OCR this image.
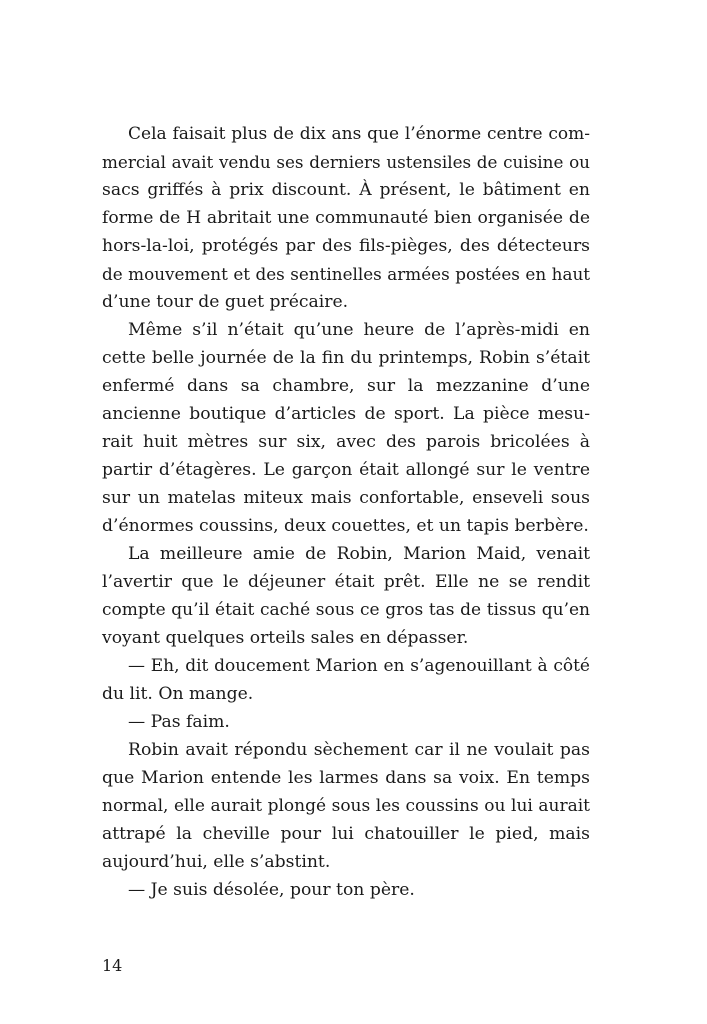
Cela faisait plus de dix ans que l’énorme centre com-
mercial avait vendu ses derniers ustensiles de cuisine ou
sacs griffés à prix discount. À présent, le bâtiment en
forme de H abritait une communauté bien organisée de
hors-la-loi, protégés par des fils-pièges, des détecteurs
de mouvement et des sentinelles armées postées en haut
d’une tour de guet précaire.
Même s’il n’était qu’une heure de l’après-midi en
cette belle journée de la fin du printemps, Robin s’était
enfermé dans sa chambre, sur la mezzanine d’une
ancienne boutique d’articles de sport. La pièce mesu-
rait huit mètres sur six, avec des parois bricolées à
partir d’étagères. Le garçon était allongé sur le ventre
sur un matelas miteux mais confortable, enseveli sous
d’énormes coussins, deux couettes, et un tapis berbère.
La meilleure amie de Robin, Marion Maid, venait
l’avertir que le déjeuner était prêt. Elle ne se rendit
compte qu’il était caché sous ce gros tas de tissus qu’en
voyant quelques orteils sales en dépasser.
— Eh, dit doucement Marion en s’agenouillant à côté
du lit. On mange.
— Pas faim.
Robin avait répondu sèchement car il ne voulait pas
que Marion entende les larmes dans sa voix. En temps
normal, elle aurait plongé sous les coussins ou lui aurait
attrapé la cheville pour lui chatouiller le pied, mais
aujourd’hui, elle s’abstint.
— Je suis désolée, pour ton père.
14
